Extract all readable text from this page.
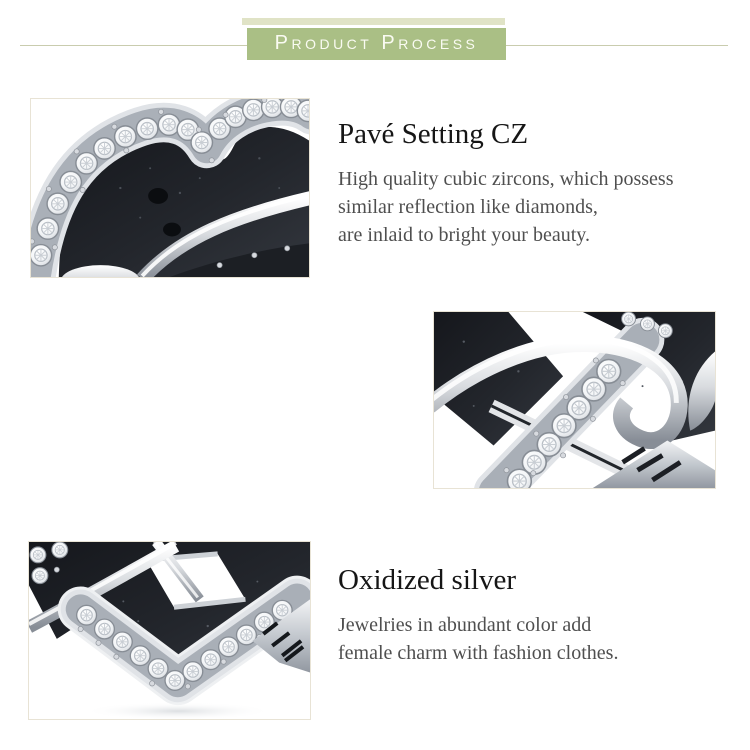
Product Process
Pavé Setting CZ

High quality cubic zircons, which possess
similar reflection like diamonds,
are inlaid to bright your beauty.

Oxidized silver

Jewelries in abundant color add
female charm with fashion clothes.
